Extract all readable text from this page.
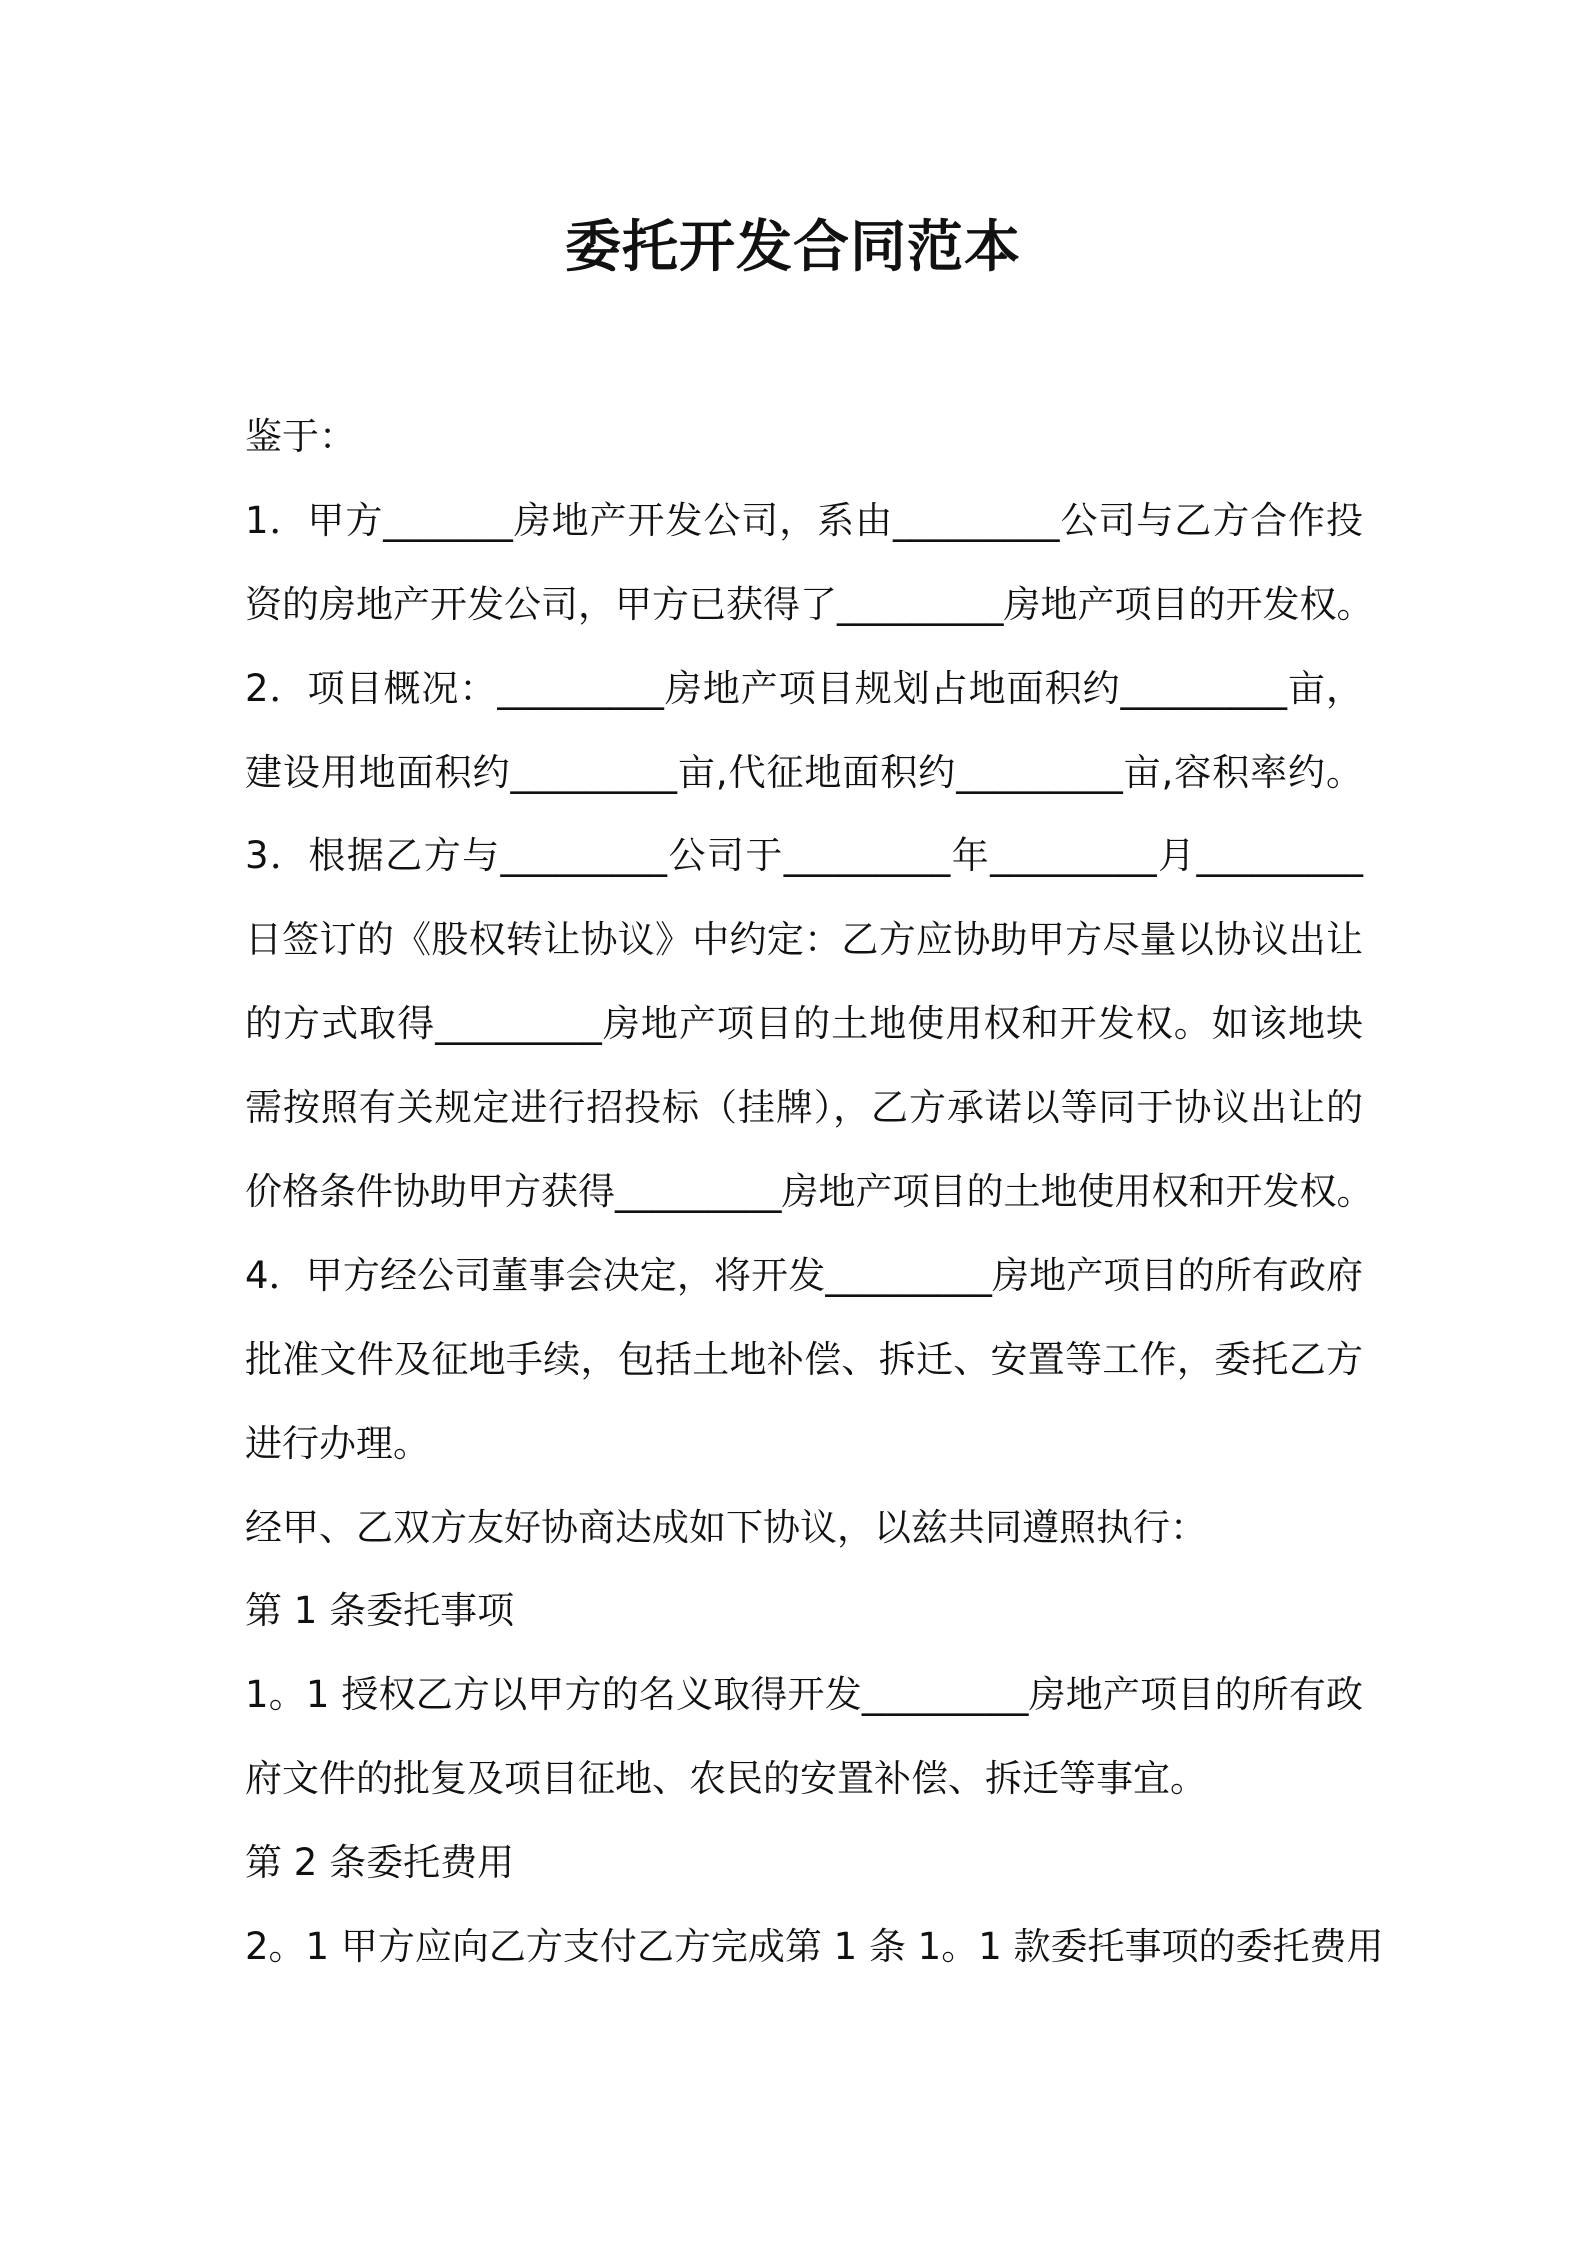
委托开发合同范本
鉴于：
1．甲方_______房地产开发公司，系由_________公司与乙方合作投
资的房地产开发公司，甲方已获得了_________房地产项目的开发权。
2．项目概况：_________房地产项目规划占地面积约_________亩，
建设用地面积约_________亩,代征地面积约_________亩,容积率约。
3．根据乙方与_________公司于_________年_________月_________
日签订的《股权转让协议》中约定：乙方应协助甲方尽量以协议出让
的方式取得_________房地产项目的土地使用权和开发权。如该地块
需按照有关规定进行招投标（挂牌），乙方承诺以等同于协议出让的
价格条件协助甲方获得_________房地产项目的土地使用权和开发权。
4．甲方经公司董事会决定，将开发_________房地产项目的所有政府
批准文件及征地手续，包括土地补偿、拆迁、安置等工作，委托乙方
进行办理。
经甲、乙双方友好协商达成如下协议，以兹共同遵照执行：
第 1 条委托事项
1。1 授权乙方以甲方的名义取得开发_________房地产项目的所有政
府文件的批复及项目征地、农民的安置补偿、拆迁等事宜。
第 2 条委托费用
2。1 甲方应向乙方支付乙方完成第 1 条 1。1 款委托事项的委托费用
